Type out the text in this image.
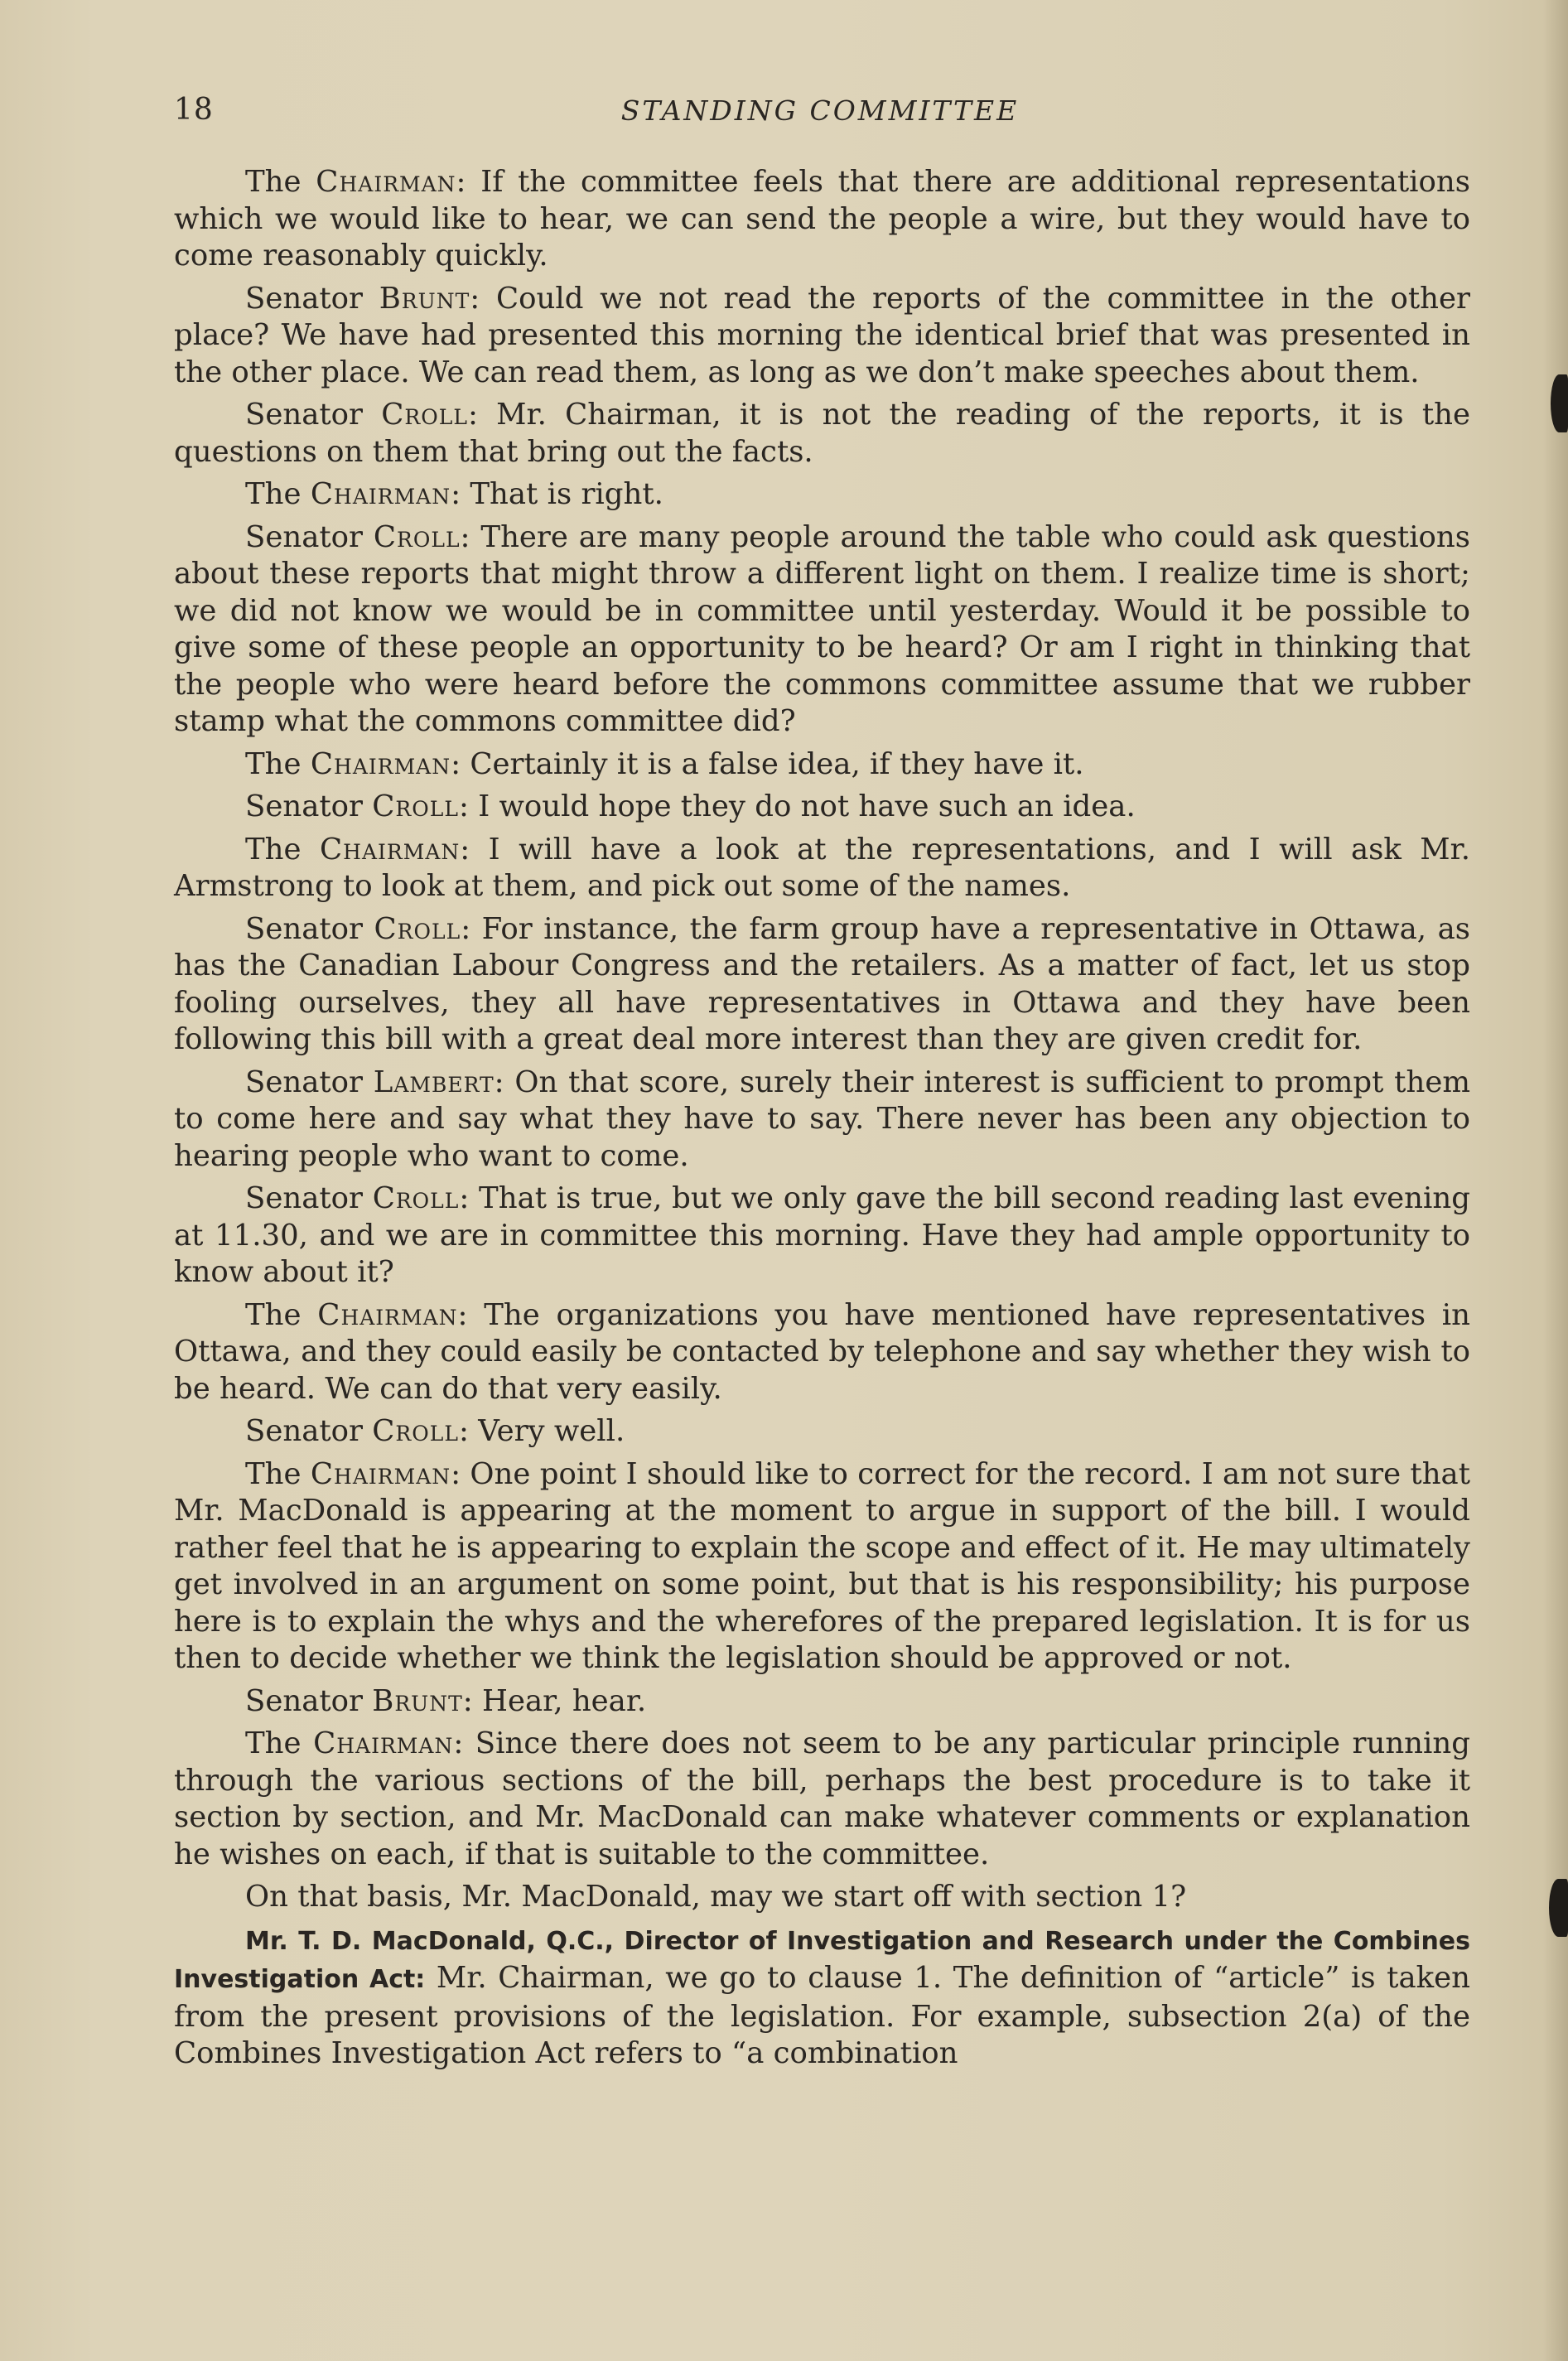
18	STANDING COMMITTEE

The Chairman: If the committee feels that there are additional representations which we would like to hear, we can send the people a wire, but they would have to come reasonably quickly.

Senator Brunt: Could we not read the reports of the committee in the other place? We have had presented this morning the identical brief that was presented in the other place. We can read them, as long as we don’t make speeches about them.

Senator Croll: Mr. Chairman, it is not the reading of the reports, it is the questions on them that bring out the facts.

The Chairman: That is right.

Senator Croll: There are many people around the table who could ask questions about these reports that might throw a different light on them. I realize time is short; we did not know we would be in committee until yesterday. Would it be possible to give some of these people an opportunity to be heard? Or am I right in thinking that the people who were heard before the commons committee assume that we rubber stamp what the commons committee did?

The Chairman: Certainly it is a false idea, if they have it.

Senator Croll: I would hope they do not have such an idea.

The Chairman: I will have a look at the representations, and I will ask Mr. Armstrong to look at them, and pick out some of the names.

Senator Croll: For instance, the farm group have a representative in Ottawa, as has the Canadian Labour Congress and the retailers. As a matter of fact, let us stop fooling ourselves, they all have representatives in Ottawa and they have been following this bill with a great deal more interest than they are given credit for.

Senator Lambert: On that score, surely their interest is sufficient to prompt them to come here and say what they have to say. There never has been any objection to hearing people who want to come.

Senator Croll: That is true, but we only gave the bill second reading last evening at 11.30, and we are in committee this morning. Have they had ample opportunity to know about it?

The Chairman: The organizations you have mentioned have representatives in Ottawa, and they could easily be contacted by telephone and say whether they wish to be heard. We can do that very easily.

Senator Croll: Very well.

The Chairman: One point I should like to correct for the record. I am not sure that Mr. MacDonald is appearing at the moment to argue in support of the bill. I would rather feel that he is appearing to explain the scope and effect of it. He may ultimately get involved in an argument on some point, but that is his responsibility; his purpose here is to explain the whys and the wherefores of the prepared legislation. It is for us then to decide whether we think the legislation should be approved or not.

Senator Brunt: Hear, hear.

The Chairman: Since there does not seem to be any particular principle running through the various sections of the bill, perhaps the best procedure is to take it section by section, and Mr. MacDonald can make whatever comments or explanation he wishes on each, if that is suitable to the committee.

On that basis, Mr. MacDonald, may we start off with section 1?

Mr. T. D. MacDonald, Q.C., Director of Investigation and Research under the Combines Investigation Act: Mr. Chairman, we go to clause 1. The definition of “article” is taken from the present provisions of the legislation. For example, subsection 2(a) of the Combines Investigation Act refers to “a combination
